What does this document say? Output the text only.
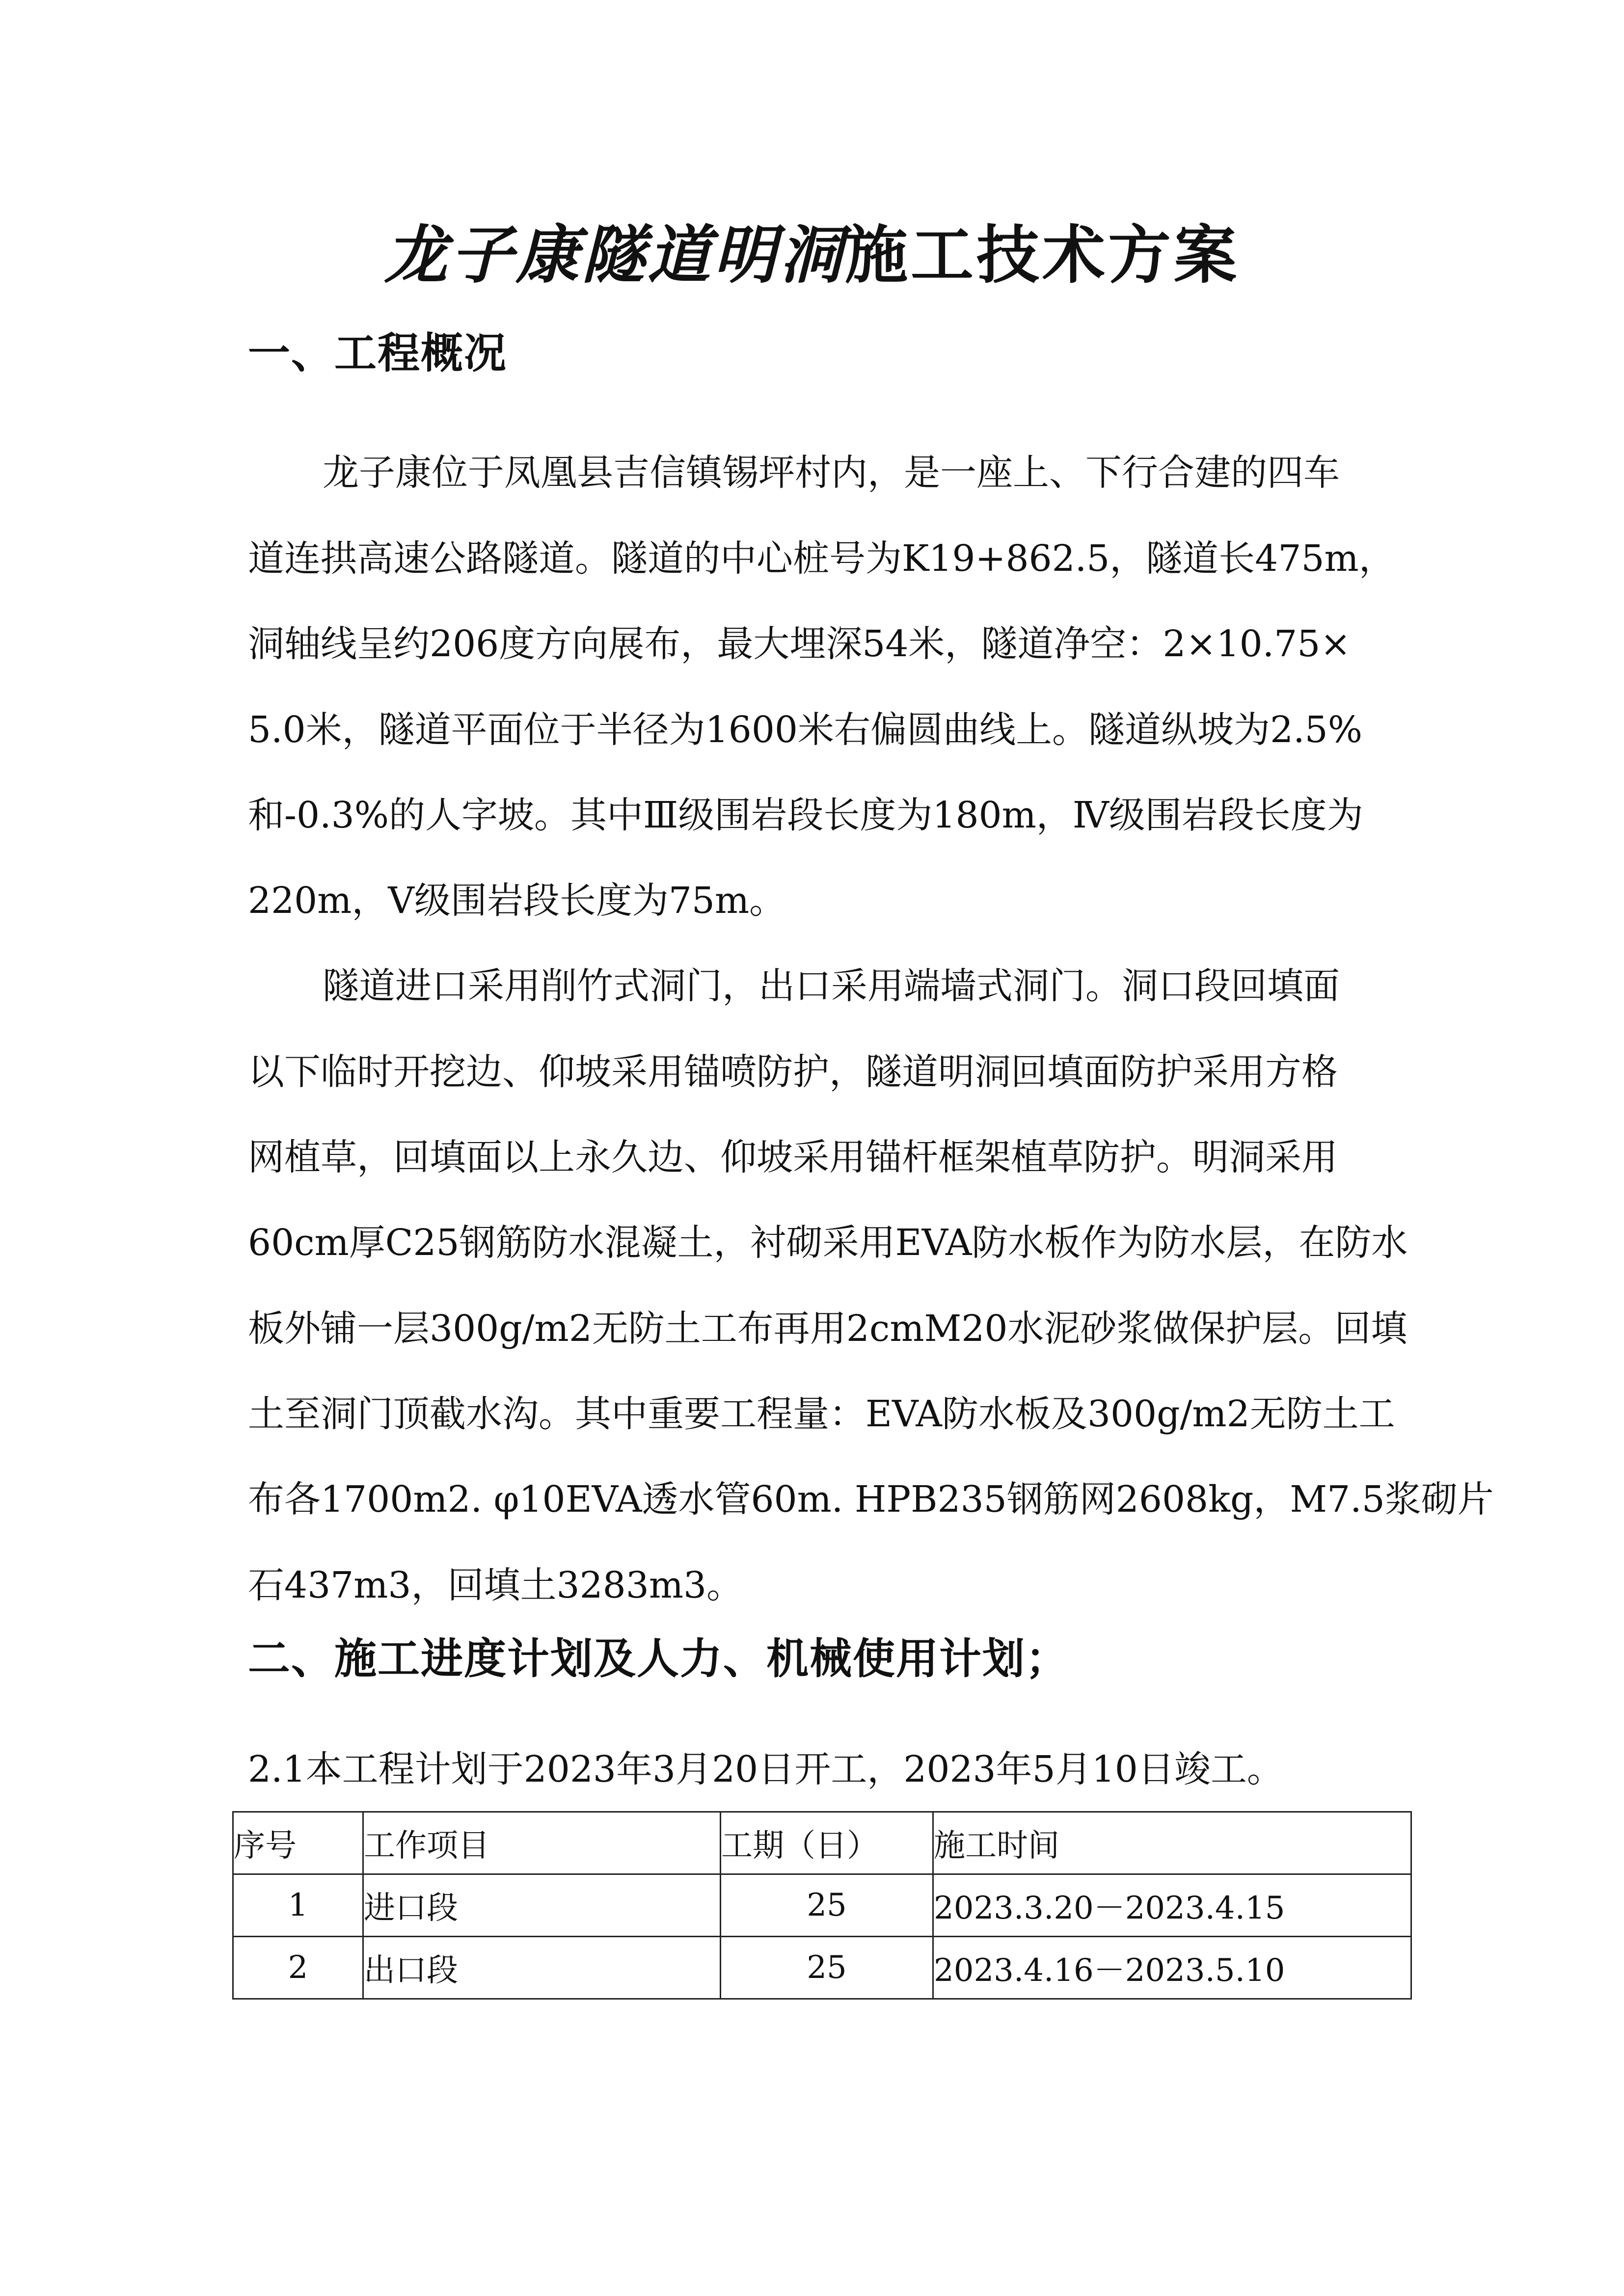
龙子康隧道明洞施工技术方案
一、工程概况
龙子康位于凤凰县吉信镇锡坪村内，是一座上、下行合建的四车
道连拱高速公路隧道。隧道的中心桩号为K19+862.5，隧道长475m，
洞轴线呈约206度方向展布，最大埋深54米，隧道净空：2×10.75×
5.0米，隧道平面位于半径为1600米右偏圆曲线上。隧道纵坡为2.5%
和-0.3%的人字坡。其中Ⅲ级围岩段长度为180m，Ⅳ级围岩段长度为
220m，Ⅴ级围岩段长度为75m。
隧道进口采用削竹式洞门，出口采用端墙式洞门。洞口段回填面
以下临时开挖边、仰坡采用锚喷防护，隧道明洞回填面防护采用方格
网植草，回填面以上永久边、仰坡采用锚杆框架植草防护。明洞采用
60cm厚C25钢筋防水混凝土，衬砌采用EVA防水板作为防水层，在防水
板外铺一层300g/m2无防土工布再用2cmM20水泥砂浆做保护层。回填
土至洞门顶截水沟。其中重要工程量：EVA防水板及300g/m2无防土工
布各1700m2. φ10EVA透水管60m. HPB235钢筋网2608kg，M7.5浆砌片
石437m3，回填土3283m3。
二、施工进度计划及人力、机械使用计划；
2.1本工程计划于2023年3月20日开工，2023年5月10日竣工。
序号	工作项目	工期（日）	施工时间
1	进口段	25	2023.3.20－2023.4.15
2	出口段	25	2023.4.16－2023.5.10
